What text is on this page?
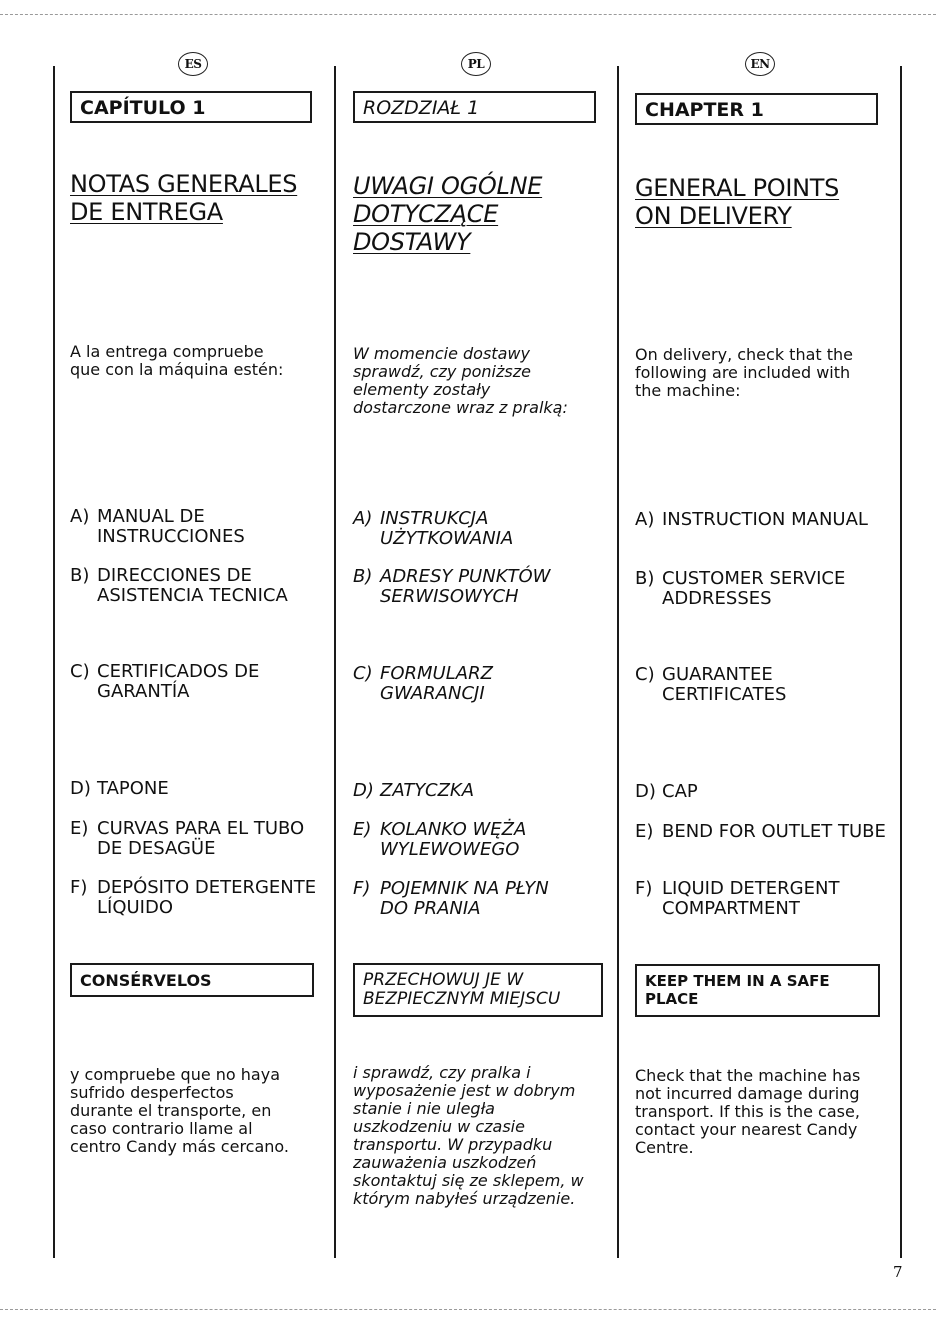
ES
CAPÍTULO 1
NOTAS GENERALES
DE ENTREGA
A la entrega compruebe
que con la máquina estén:
A) MANUAL DE
INSTRUCCIONES
B) DIRECCIONES DE
ASISTENCIA TECNICA
C) CERTIFICADOS DE
GARANTÍA
D) TAPONE
E) CURVAS PARA EL TUBO
DE DESAGÜE
F) DEPÓSITO DETERGENTE
LÍQUIDO
CONSÉRVELOS
y compruebe que no haya
sufrido desperfectos
durante el transporte, en
caso contrario llame al
centro Candy más cercano.
PL
ROZDZIAŁ 1
UWAGI OGÓLNE
DOTYCZĄCE
DOSTAWY
W momencie dostawy
sprawdź, czy poniższe
elementy zostały
dostarczone wraz z pralką:
A) INSTRUKCJA
UŻYTKOWANIA
B) ADRESY PUNKTÓW
SERWISOWYCH
C) FORMULARZ
GWARANCJI
D) ZATYCZKA
E) KOLANKO WĘŻA
WYLEWOWEGO
F) POJEMNIK NA PŁYN
DO PRANIA
PRZECHOWUJ JE W
BEZPIECZNYM MIEJSCU
i sprawdź, czy pralka i
wyposażenie jest w dobrym
stanie i nie uległa
uszkodzeniu w czasie
transportu. W przypadku
zauważenia uszkodzeń
skontaktuj się ze sklepem, w
którym nabyłeś urządzenie.
EN
CHAPTER 1
GENERAL POINTS
ON DELIVERY
On delivery, check that the
following are included with
the machine:
A) INSTRUCTION MANUAL
B) CUSTOMER SERVICE
ADDRESSES
C) GUARANTEE
CERTIFICATES
D) CAP
E) BEND FOR OUTLET TUBE
F) LIQUID DETERGENT
COMPARTMENT
KEEP THEM IN A SAFE
PLACE
Check that the machine has
not incurred damage during
transport. If this is the case,
contact your nearest Candy
Centre.
7
